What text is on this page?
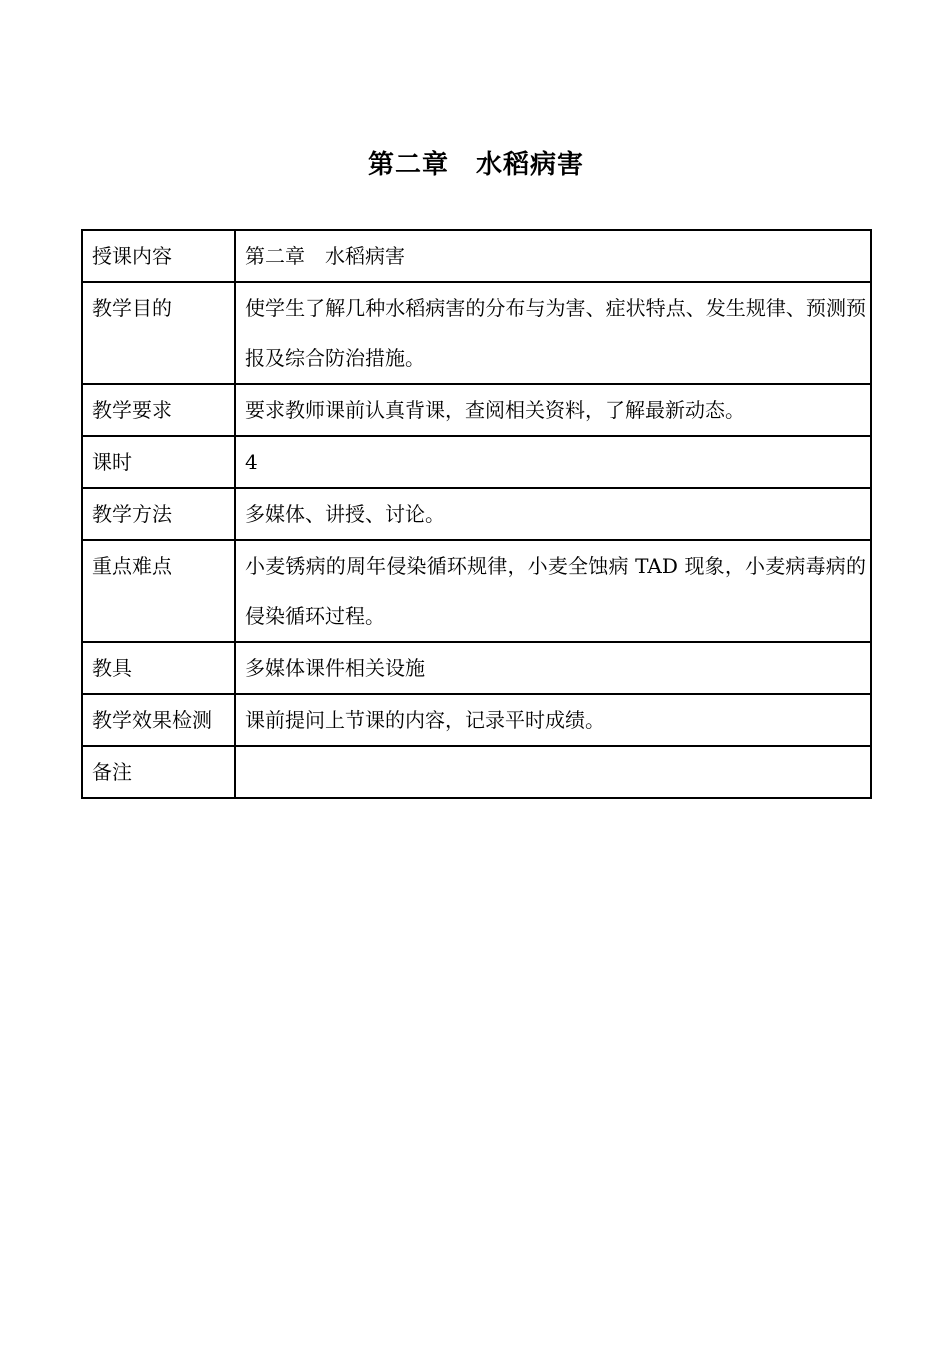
第二章　水稻病害
授课内容	第二章　水稻病害
教学目的	使学生了解几种水稻病害的分布与为害、症状特点、发生规律、预测预报及综合防治措施。
教学要求	要求教师课前认真背课，查阅相关资料，了解最新动态。
课时	4
教学方法	多媒体、讲授、讨论。
重点难点	小麦锈病的周年侵染循环规律，小麦全蚀病 TAD 现象，小麦病毒病的侵染循环过程。
教具	多媒体课件相关设施
教学效果检测	课前提问上节课的内容，记录平时成绩。
备注	
